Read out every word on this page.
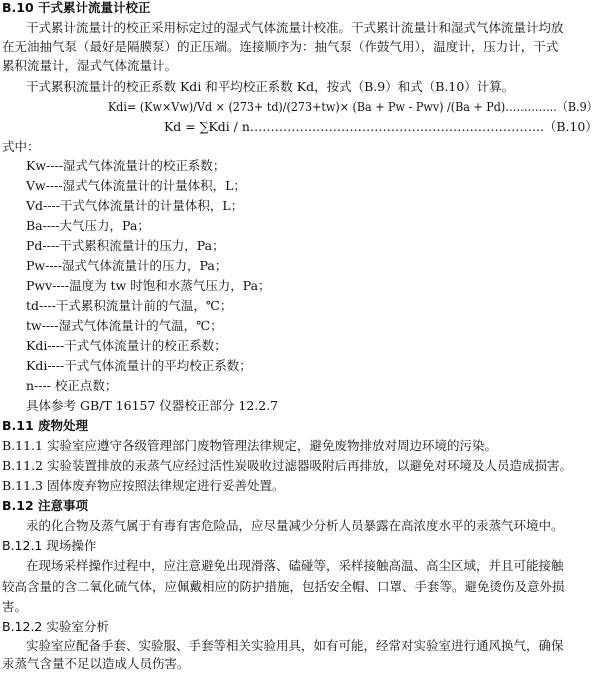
B.10 干式累计流量计校正
干式累计流量计的校正采用标定过的湿式气体流量计校准。干式累计流量计和湿式气体流量计均放
在无油抽气泵（最好是隔膜泵）的正压端。连接顺序为：抽气泵（作鼓气用），温度计，压力计，干式
累积流量计，湿式气体流量计。
干式累积流量计的校正系数 Kdi 和平均校正系数 Kd，按式（B.9）和式（B.10）计算。
Kdi= (Kw×Vw)/Vd × (273+ td)/(273+tw)× (Ba + Pw - Pwv) /(Ba + Pd)…………..（B.9）
Kd = ∑Kdi / n……………………………………………………………..（B.10）
式中：
Kw----湿式气体流量计的校正系数；
Vw----湿式气体流量计的计量体积，L；
Vd----干式气体流量计的计量体积，L；
Ba----大气压力，Pa；
Pd----干式累积流量计的压力，Pa；
Pw----湿式气体流量计的压力，Pa；
Pwv----温度为 tw 时饱和水蒸气压力，Pa；
td----干式累积流量计前的气温，℃；
tw----湿式气体流量计的气温，℃；
Kdi----干式气体流量计的校正系数；
Kdi----干式气体流量计的平均校正系数；
n---- 校正点数；
具体参考 GB/T 16157 仪器校正部分 12.2.7
B.11 废物处理
B.11.1 实验室应遵守各级管理部门废物管理法律规定，避免废物排放对周边环境的污染。
B.11.2 实验装置排放的汞蒸气应经过活性炭吸收过滤器吸附后再排放，以避免对环境及人员造成损害。
B.11.3 固体废弃物应按照法律规定进行妥善处置。
B.12 注意事项
汞的化合物及蒸气属于有毒有害危险品，应尽量减少分析人员暴露在高浓度水平的汞蒸气环境中。
B.12.1 现场操作
在现场采样操作过程中，应注意避免出现滑落、磕碰等，采样接触高温、高尘区域，并且可能接触
较高含量的含二氧化硫气体，应佩戴相应的防护措施，包括安全帽、口罩、手套等。避免烫伤及意外损
害。
B.12.2 实验室分析
实验室应配备手套、实验服、手套等相关实验用具，如有可能，经常对实验室进行通风换气，确保
汞蒸气含量不足以造成人员伤害。
